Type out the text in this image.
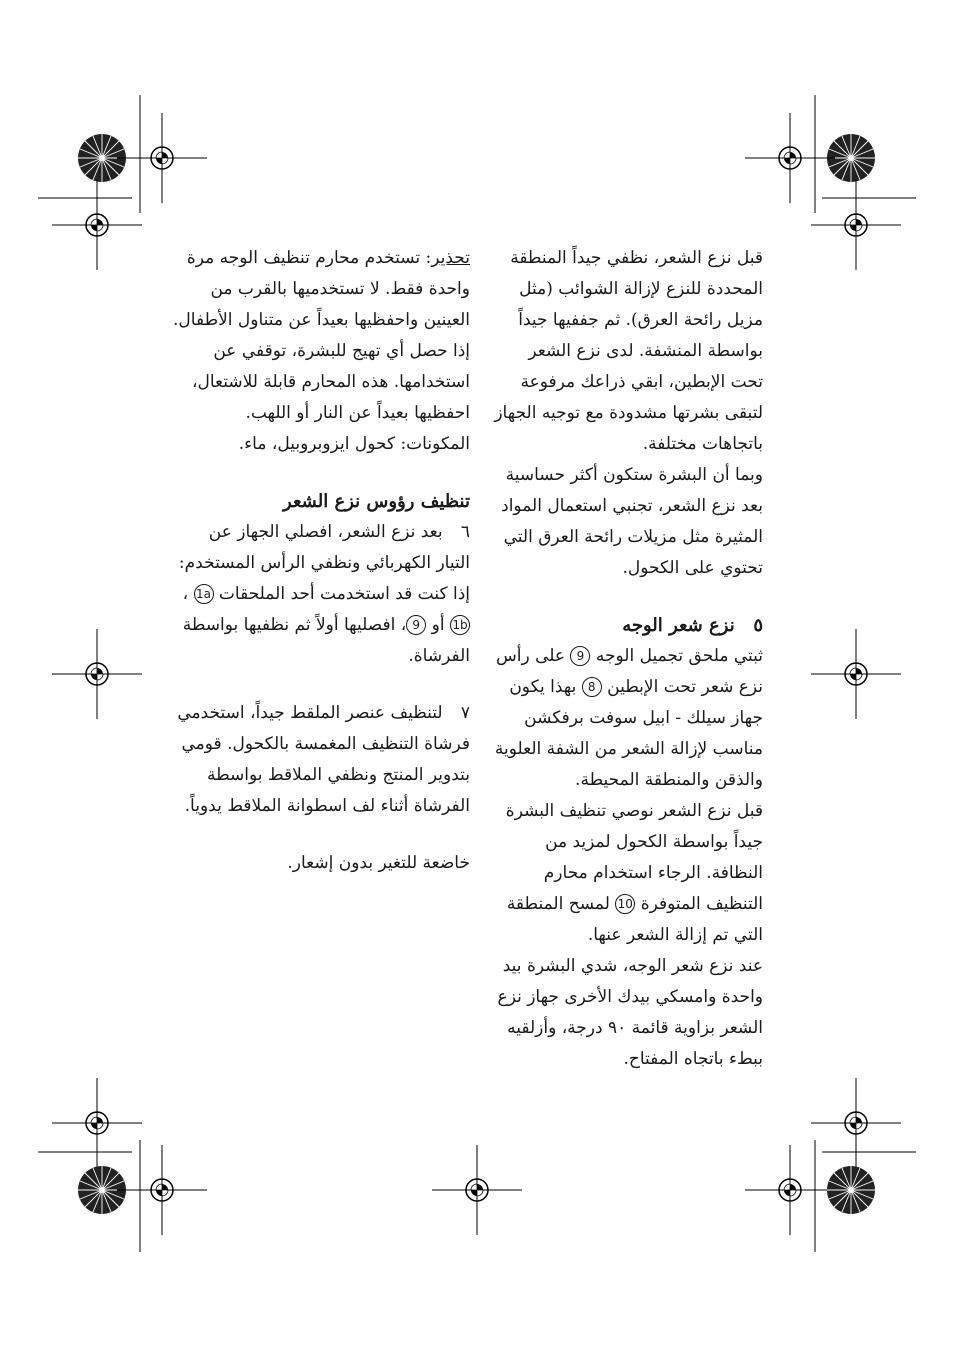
قبل نزع الشعر، نظفي جيداً المنطقة المحددة للنزع لإزالة الشوائب (مثل مزيل رائحة العرق). ثم جففيها جيداً بواسطة المنشفة. لدى نزع الشعر تحت الإبطين، ابقي ذراعك مرفوعة لتبقى بشرتها مشدودة مع توجيه الجهاز باتجاهات مختلفة.

وبما أن البشرة ستكون أكثر حساسية بعد نزع الشعر، تجنبي استعمال المواد المثيرة مثل مزيلات رائحة العرق التي تحتوي على الكحول.

٥ نزع شعر الوجه

ثبتي ملحق تجميل الوجه 9 على رأس نزع شعر تحت الإبطين 8 بهذا يكون جهاز سيلك - ابيل سوفت برفكشن مناسب لإزالة الشعر من الشفة العلوية والذقن والمنطقة المحيطة.

قبل نزع الشعر نوصي تنظيف البشرة جيداً بواسطة الكحول لمزيد من النظافة. الرجاء استخدام محارم التنظيف المتوفرة 10 لمسح المنطقة التي تم إزالة الشعر عنها.

عند نزع شعر الوجه، شدي البشرة بيد واحدة وامسكي بيدك الأخرى جهاز نزع الشعر بزاوية قائمة ٩٠ درجة، وأزلقيه ببطء باتجاه المفتاح.

تحذير: تستخدم محارم تنظيف الوجه مرة واحدة فقط. لا تستخدميها بالقرب من العينين واحفظيها بعيداً عن متناول الأطفال. إذا حصل أي تهيج للبشرة، توقفي عن استخدامها. هذه المحارم قابلة للاشتعال، احفظيها بعيداً عن النار أو اللهب.

المكونات: كحول ايزوبروبيل، ماء.

تنظيف رؤوس نزع الشعر

٦ بعد نزع الشعر، افصلي الجهاز عن التيار الكهربائي ونظفي الرأس المستخدم: إذا كنت قد استخدمت أحد الملحقات 1a ، 1b أو 9، افصليها أولاً ثم نظفيها بواسطة الفرشاة.

٧ لتنظيف عنصر الملقط جيداً، استخدمي فرشاة التنظيف المغمسة بالكحول. قومي بتدوير المنتج ونظفي الملاقط بواسطة الفرشاة أثناء لف اسطوانة الملاقط يدوياً.

خاضعة للتغير بدون إشعار.
